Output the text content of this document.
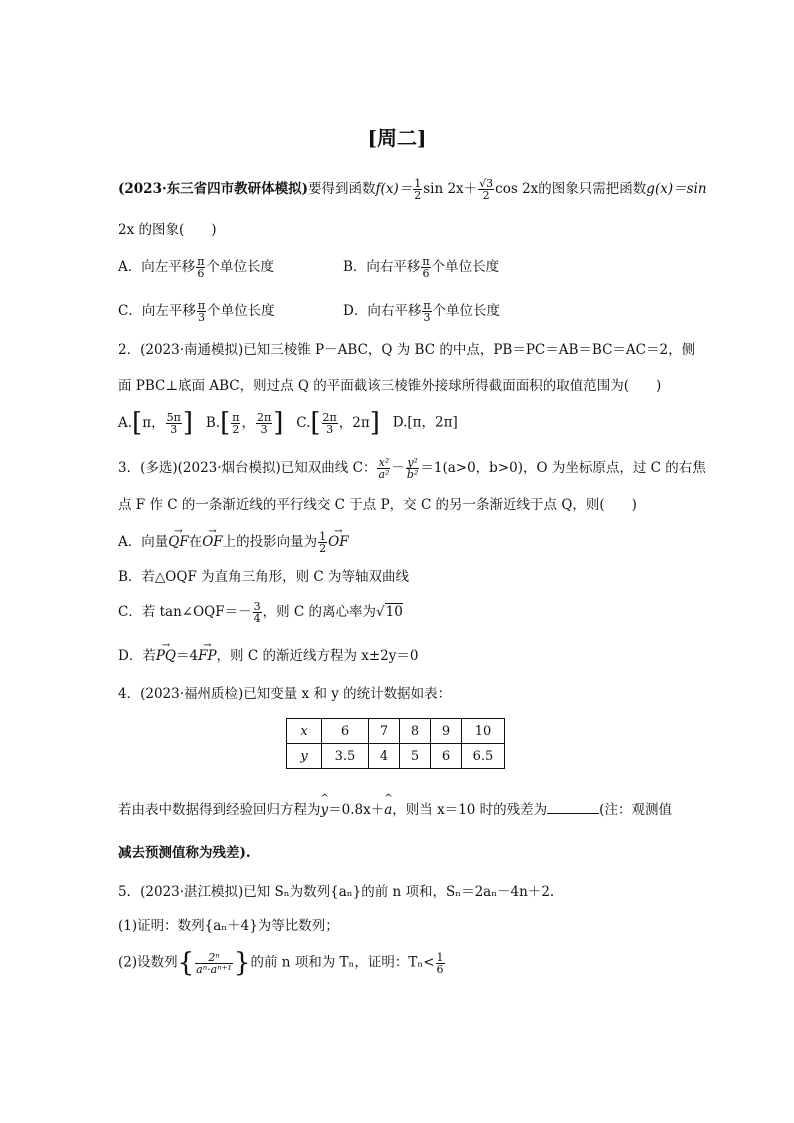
[周二]
(2023·东三省四市教研体模拟)要得到函数$f(x)= \frac{1}{2}$ $\sin 2x+ \frac{√3}{2}$ cos 2x的图象只需把函数g(x)＝sin
2x 的图象(　　)
A．向左平移 $\frac{\pi}{6}$ 个单位长度	B．向右平移 $\frac{\pi}{6}$ 个单位长度
C．向左平移 $\frac{\pi}{3}$ 个单位长度	D．向右平移 $\frac{\pi}{3}$ 个单位长度
2．(2023·南通模拟)已知三棱锥 P－ABC，Q 为 BC 的中点，PB＝PC＝AB＝BC＝AC＝2，侧
面 PBC⊥底面 ABC，则过点 Q 的平面截该三棱锥外接球所得截面面积的取值范围为(　　)
A.[π， $\frac{5\pi}{3}$ ] $B.[ \frac{\pi}{2}$ ， $\frac{2\pi}{3}$ ] $C.[ \frac{2\pi}{3}$ ，2π] D.[π，2π]
3．(多选)(2023·烟台模拟)已知双曲线 C： $\frac{\text{x²}}{\text{a²}} - \frac{\text{y²}}{\text{b²}} =1(a>0$，b>0)，O 为坐标原点，过 C 的右焦
点 F 作 C 的一条渐近线的平行线交 C 于点 P，交 C 的另一条渐近线于点 Q，则(　　)
A．向量→ QF在→ OF上的投影向量为 $\frac{1}{2}$ → OF
B．若△OQF 为直角三角形，则 C 为等轴双曲线
C．若 tan∠OQF＝－ $\frac{3}{4}$ ，则 C 的离心率为√10
D．若→ PQ＝4→ FP，则 C 的渐近线方程为 x±2y＝0
4．(2023·福州质检)已知变量 x 和 y 的统计数据如表：
x	6	7	8	9	10
y	3.5	4	5	6	6.5
若由表中数据得到经验回归方程为^ y＝0.8x＋^ a，则当 x＝10 时的残差为	(注：观测值
减去预测值称为残差).
5．(2023·湛江模拟)已知 Sₙ为数列{aₙ}的前 n 项和，Sₙ＝2aₙ－4n＋2.
(1)证明：数列{aₙ＋4}为等比数列；
(2)设数列{ $\frac{\text{2ⁿ}}{\text{aⁿ·aⁿ⁺¹}}$ }的前 n 项和为 Tₙ，证明：$T_n< \frac{1}{6}$
